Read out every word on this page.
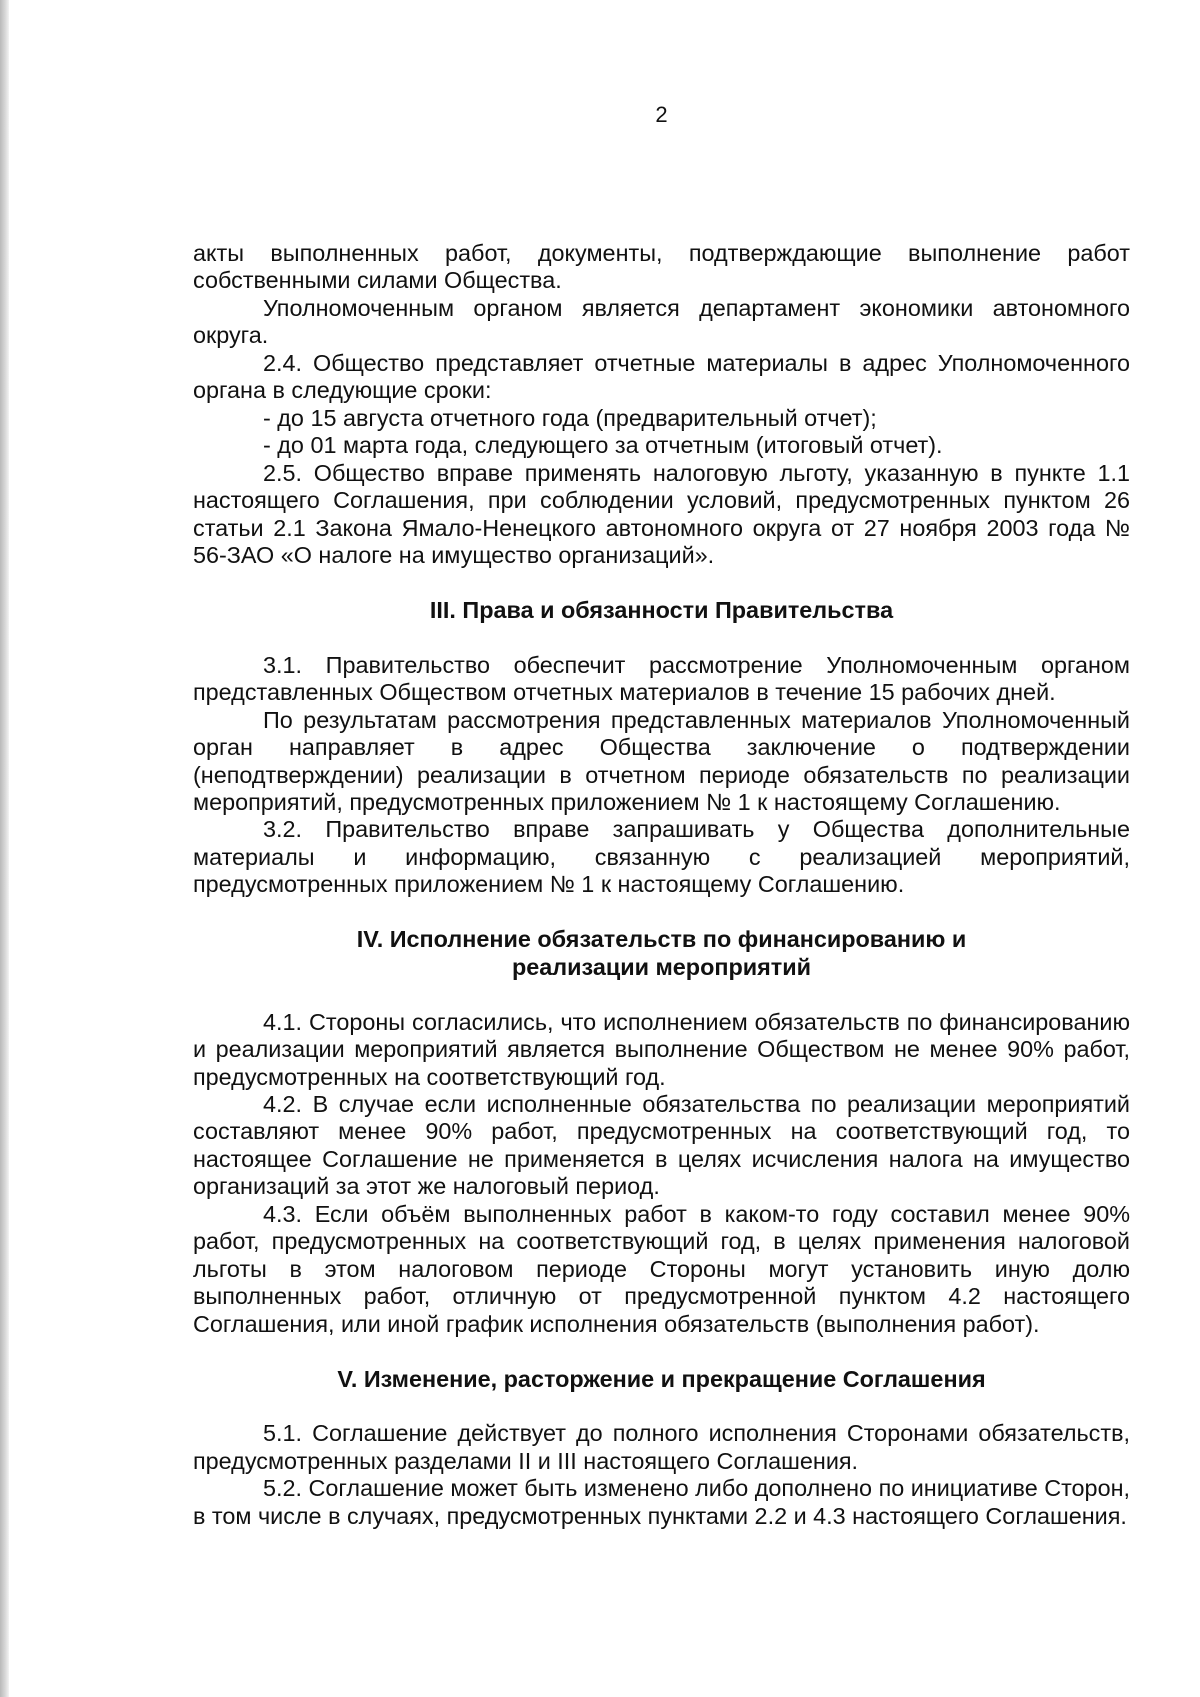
2

акты выполненных работ, документы, подтверждающие выполнение работ собственными силами Общества.

Уполномоченным органом является департамент экономики автономного округа.

2.4. Общество представляет отчетные материалы в адрес Уполномоченного органа в следующие сроки:

- до 15 августа отчетного года (предварительный отчет);

- до 01 марта года, следующего за отчетным (итоговый отчет).

2.5. Общество вправе применять налоговую льготу, указанную в пункте 1.1 настоящего Соглашения, при соблюдении условий, предусмотренных пунктом 26 статьи 2.1 Закона Ямало-Ненецкого автономного округа от 27 ноября 2003 года № 56-ЗАО «О налоге на имущество организаций».

III. Права и обязанности Правительства

3.1. Правительство обеспечит рассмотрение Уполномоченным органом представленных Обществом отчетных материалов в течение 15 рабочих дней.

По результатам рассмотрения представленных материалов Уполномоченный орган направляет в адрес Общества заключение о подтверждении (неподтверждении) реализации в отчетном периоде обязательств по реализации мероприятий, предусмотренных приложением № 1 к настоящему Соглашению.

3.2. Правительство вправе запрашивать у Общества дополнительные материалы и информацию, связанную с реализацией мероприятий, предусмотренных приложением № 1 к настоящему Соглашению.

IV. Исполнение обязательств по финансированию и
реализации мероприятий

4.1. Стороны согласились, что исполнением обязательств по финансированию и реализации мероприятий является выполнение Обществом не менее 90% работ, предусмотренных на соответствующий год.

4.2. В случае если исполненные обязательства по реализации мероприятий составляют менее 90% работ, предусмотренных на соответствующий год, то настоящее Соглашение не применяется в целях исчисления налога на имущество организаций за этот же налоговый период.

4.3. Если объём выполненных работ в каком-то году составил менее 90% работ, предусмотренных на соответствующий год, в целях применения налоговой льготы в этом налоговом периоде Стороны могут установить иную долю выполненных работ, отличную от предусмотренной пунктом 4.2 настоящего Соглашения, или иной график исполнения обязательств (выполнения работ).

V. Изменение, расторжение и прекращение Соглашения

5.1. Соглашение действует до полного исполнения Сторонами обязательств, предусмотренных разделами II и III настоящего Соглашения.

5.2. Соглашение может быть изменено либо дополнено по инициативе Сторон, в том числе в случаях, предусмотренных пунктами 2.2 и 4.3 настоящего Соглашения.
